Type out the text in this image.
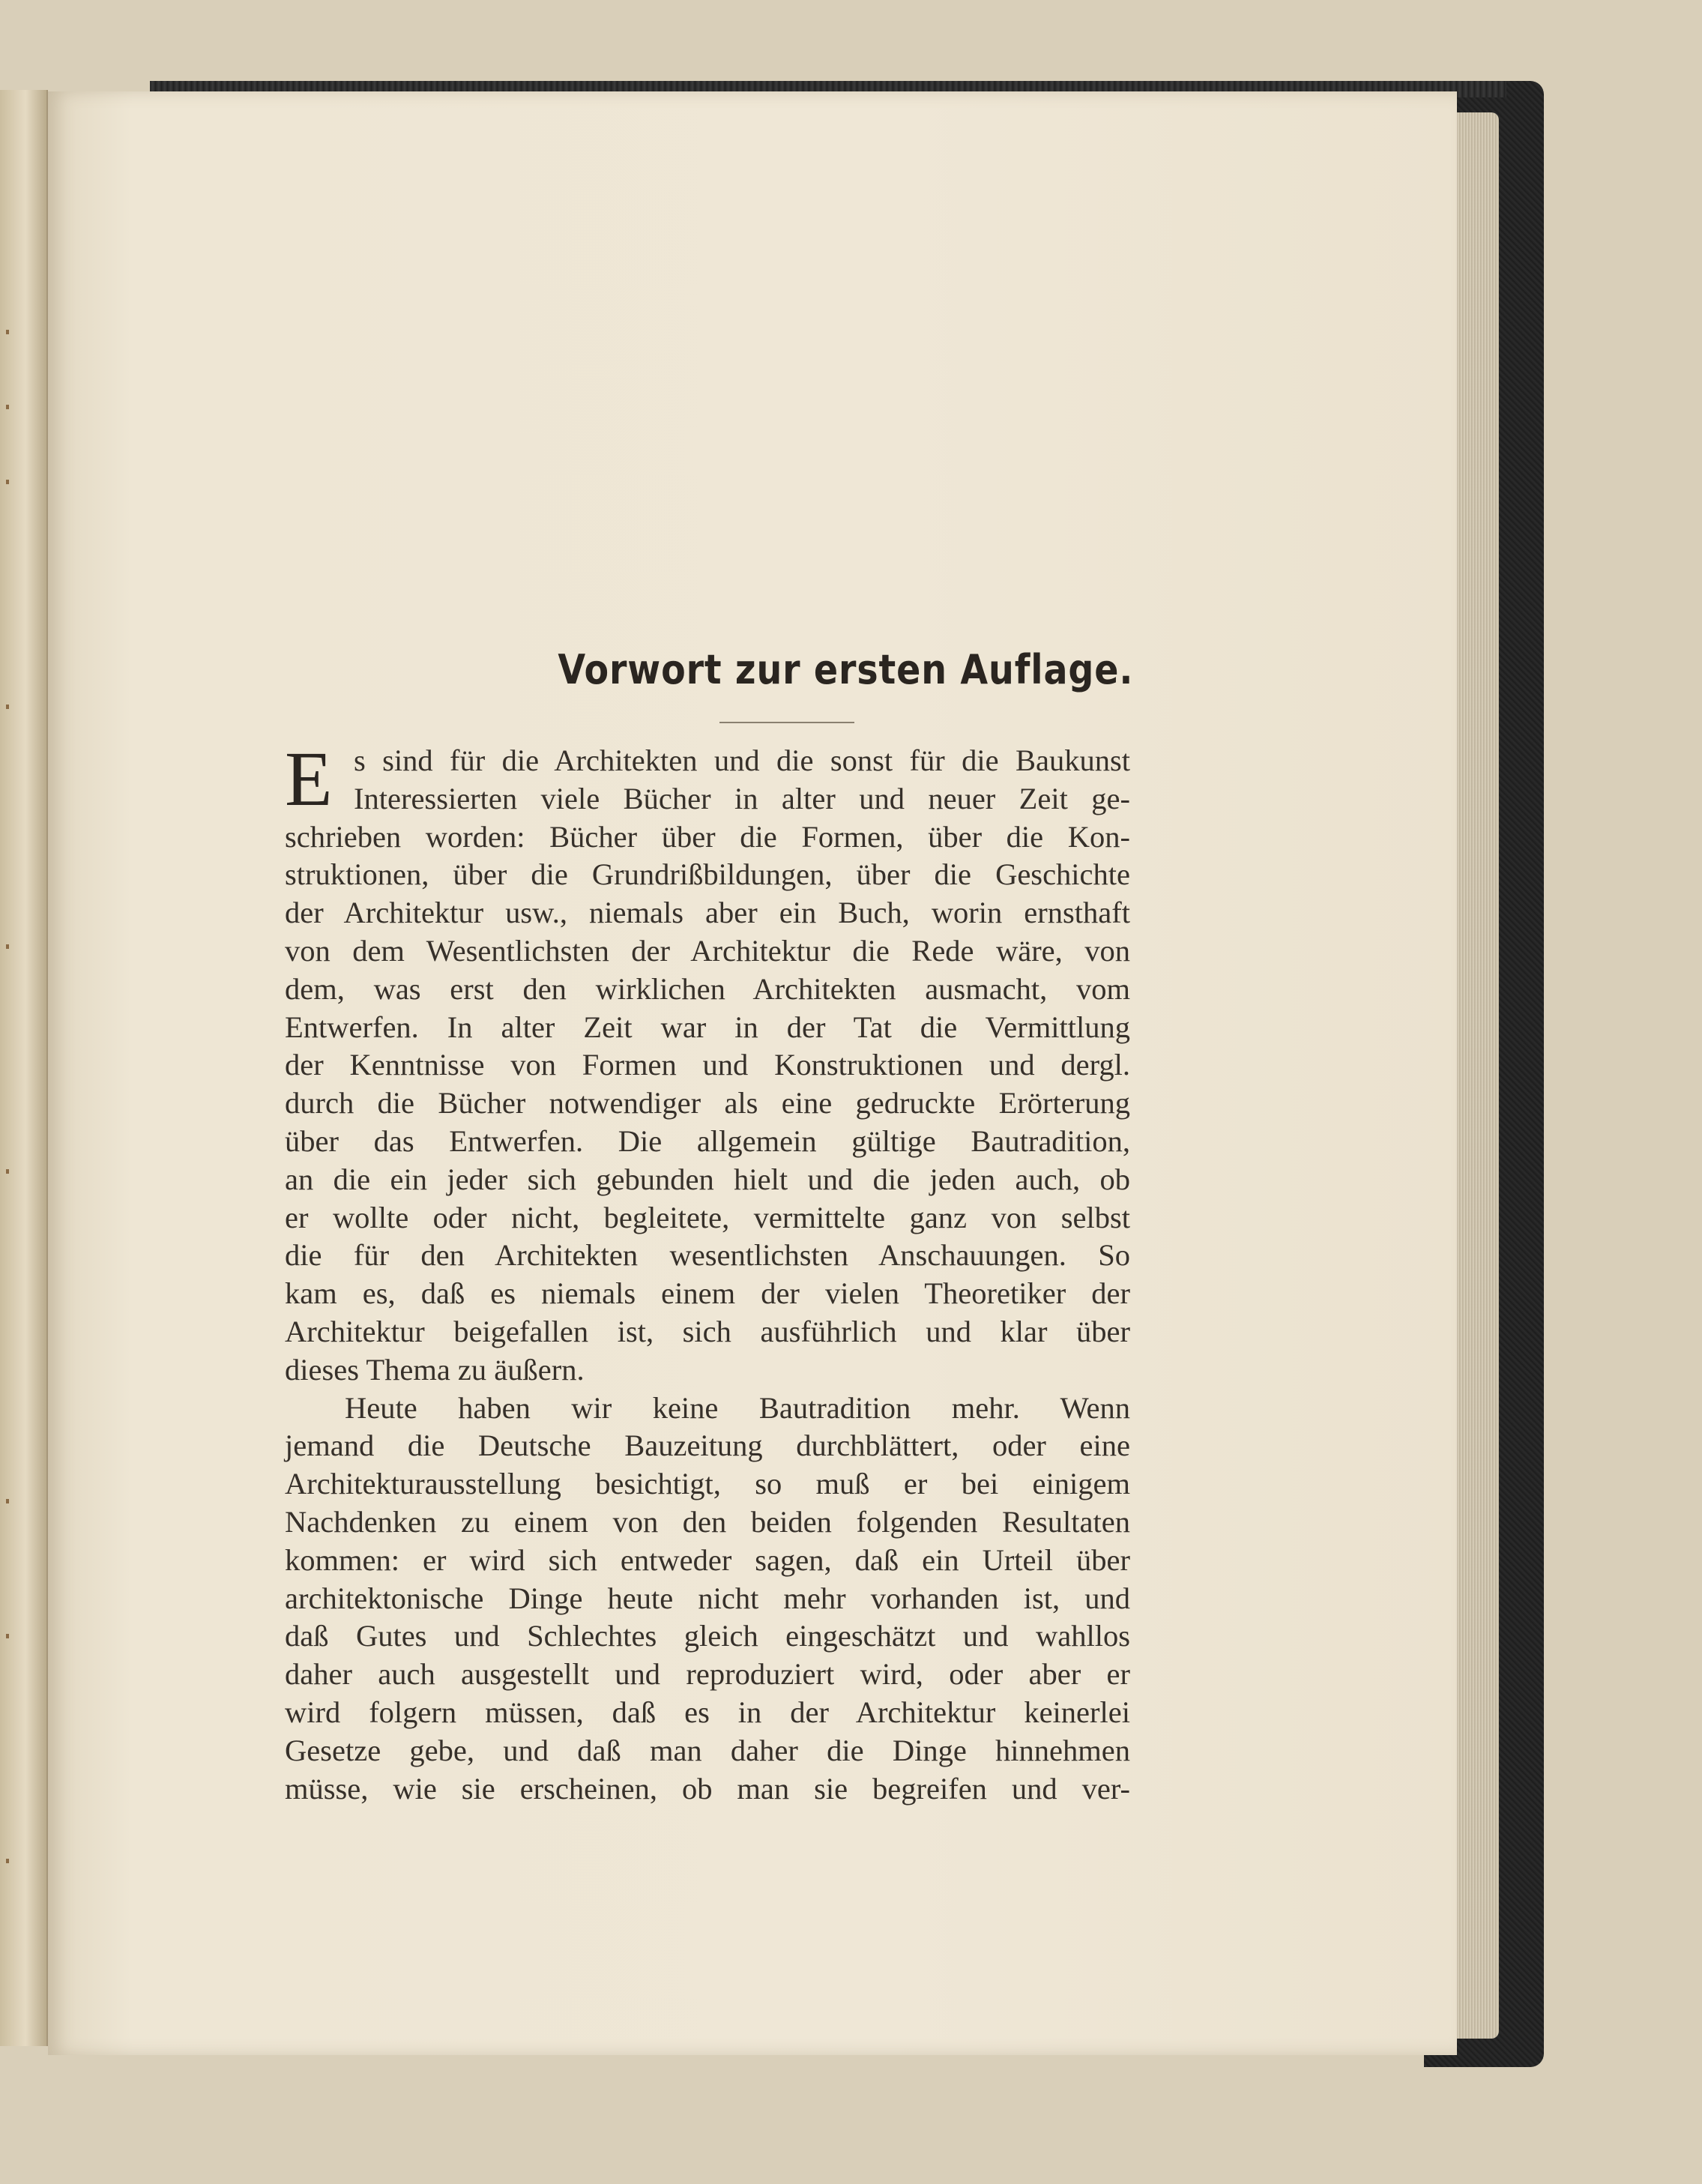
Vorwort zur ersten Auflage.
E s sind für die Architekten und die sonst für die Baukunst
Interessierten viele Bücher in alter und neuer Zeit ge-
schrieben worden: Bücher über die Formen, über die Kon-
struktionen, über die Grundrißbildungen, über die Geschichte
der Architektur usw., niemals aber ein Buch, worin ernsthaft
von dem Wesentlichsten der Architektur die Rede wäre, von
dem, was erst den wirklichen Architekten ausmacht, vom
Entwerfen. In alter Zeit war in der Tat die Vermittlung
der Kenntnisse von Formen und Konstruktionen und dergl.
durch die Bücher notwendiger als eine gedruckte Erörterung
über das Entwerfen. Die allgemein gültige Bautradition,
an die ein jeder sich gebunden hielt und die jeden auch, ob
er wollte oder nicht, begleitete, vermittelte ganz von selbst
die für den Architekten wesentlichsten Anschauungen. So
kam es, daß es niemals einem der vielen Theoretiker der
Architektur beigefallen ist, sich ausführlich und klar über
dieses Thema zu äußern.
Heute haben wir keine Bautradition mehr. Wenn
jemand die Deutsche Bauzeitung durchblättert, oder eine
Architekturausstellung besichtigt, so muß er bei einigem
Nachdenken zu einem von den beiden folgenden Resultaten
kommen: er wird sich entweder sagen, daß ein Urteil über
architektonische Dinge heute nicht mehr vorhanden ist, und
daß Gutes und Schlechtes gleich eingeschätzt und wahllos
daher auch ausgestellt und reproduziert wird, oder aber er
wird folgern müssen, daß es in der Architektur keinerlei
Gesetze gebe, und daß man daher die Dinge hinnehmen
müsse, wie sie erscheinen, ob man sie begreifen und ver-
